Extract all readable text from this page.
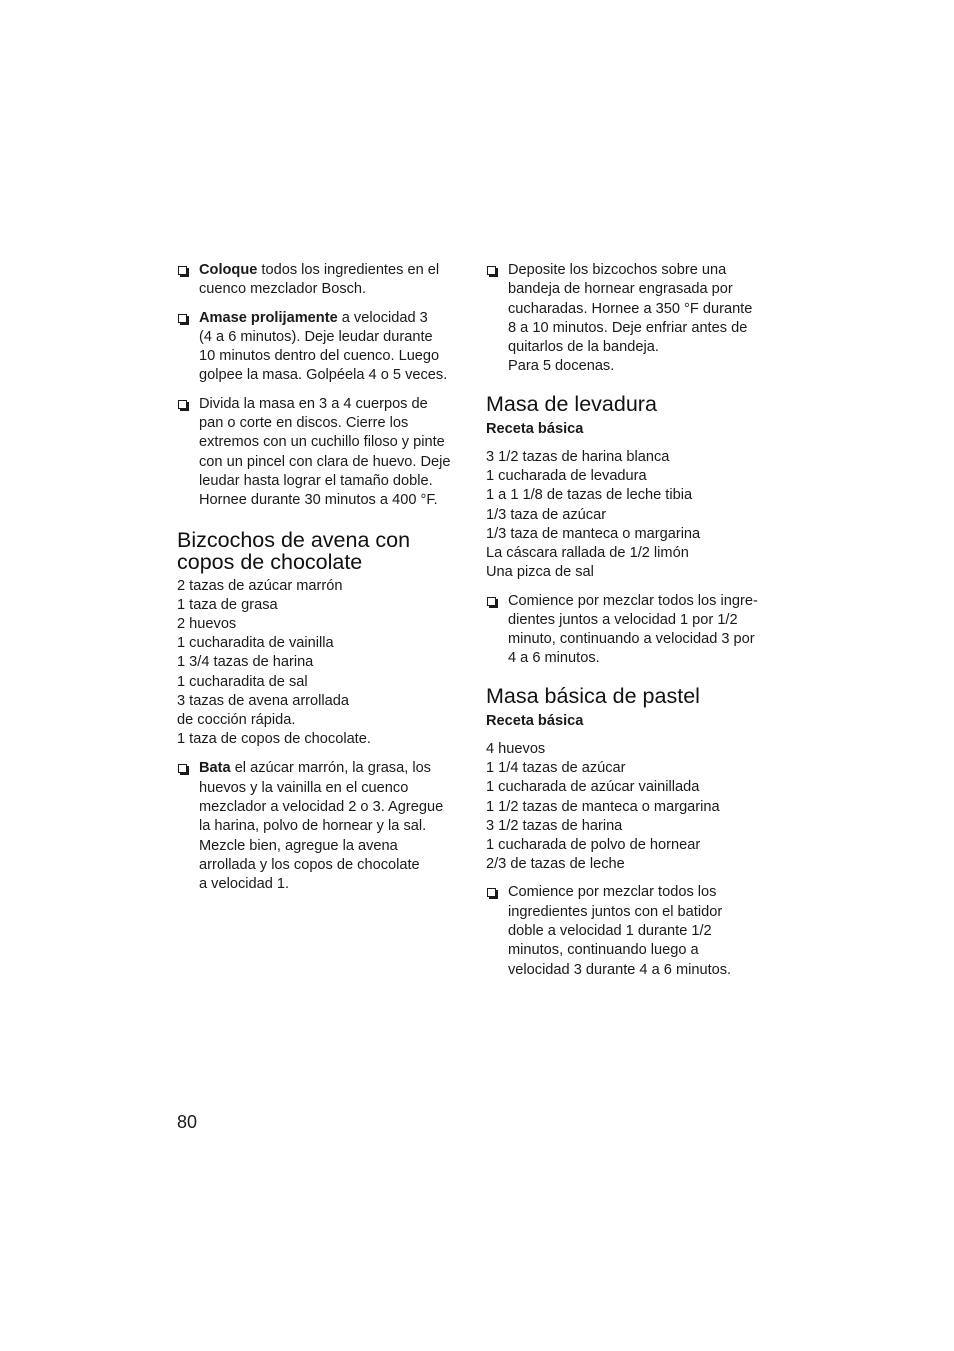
Coloque todos los ingredientes en el
cuenco mezclador Bosch.
Amase prolijamente a velocidad 3
(4 a 6 minutos). Deje leudar durante
10 minutos dentro del cuenco. Luego
golpee la masa. Golpéela 4 o 5 veces.
Divida la masa en 3 a 4 cuerpos de
pan o corte en discos. Cierre los
extremos con un cuchillo filoso y pinte
con un pincel con clara de huevo. Deje
leudar hasta lograr el tamaño doble.
Hornee durante 30 minutos a 400 °F.
Bizcochos de avena con
copos de chocolate
2 tazas de azúcar marrón
1 taza de grasa
2 huevos
1 cucharadita de vainilla
1 3/4 tazas de harina
1 cucharadita de sal
3 tazas de avena arrollada
de cocción rápida.
1 taza de copos de chocolate.
Bata el azúcar marrón, la grasa, los
huevos y la vainilla en el cuenco
mezclador a velocidad 2 o 3. Agregue
la harina, polvo de hornear y la sal.
Mezcle bien, agregue la avena
arrollada y los copos de chocolate
a velocidad 1.
Deposite los bizcochos sobre una
bandeja de hornear engrasada por
cucharadas. Hornee a 350 °F durante
8 a 10 minutos. Deje enfriar antes de
quitarlos de la bandeja.
Para 5 docenas.
Masa de levadura
Receta básica
3 1/2 tazas de harina blanca
1 cucharada de levadura
1 a 1 1/8 de tazas de leche tibia
1/3 taza de azúcar
1/3 taza de manteca o margarina
La cáscara rallada de 1/2 limón
Una pizca de sal
Comience por mezclar todos los ingre-
dientes juntos a velocidad 1 por 1/2
minuto, continuando a velocidad 3 por
4 a 6 minutos.
Masa básica de pastel
Receta básica
4 huevos
1 1/4 tazas de azúcar
1 cucharada de azúcar vainillada
1 1/2 tazas de manteca o margarina
3 1/2 tazas de harina
1 cucharada de polvo de hornear
2/3 de tazas de leche
Comience por mezclar todos los
ingredientes juntos con el batidor
doble a velocidad 1 durante 1/2
minutos, continuando luego a
velocidad 3 durante 4 a 6 minutos.
80
